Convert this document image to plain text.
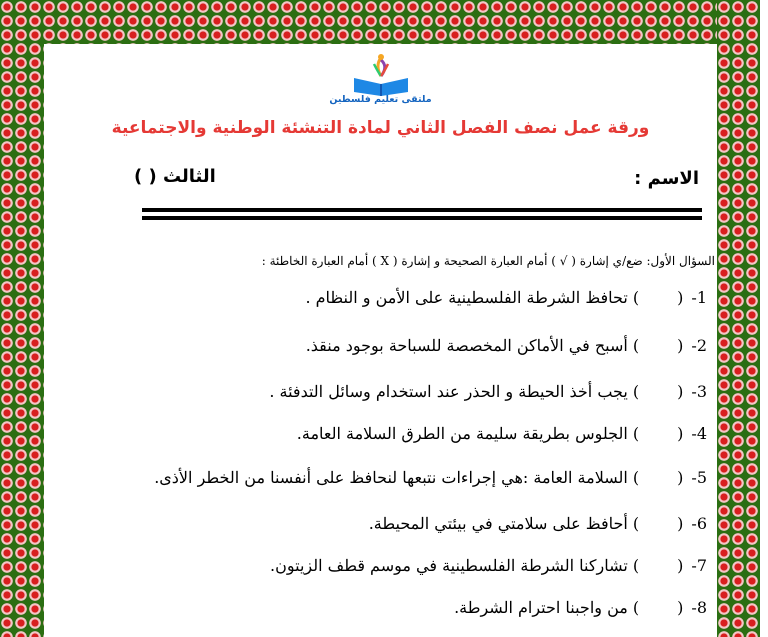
ملتقى تعليم فلسطين
ورقة عمل نصف الفصل الثاني لمادة التنشئة الوطنية والاجتماعية
الاسم :
الثالث ( )
السؤال الأول: ضع/ي إشارة ( √ ) أمام العبارة الصحيحة و إشارة ( X ) أمام العبارة الخاطئة :
1-() تحافظ الشرطة الفلسطينية على الأمن و النظام .
2-() أسبح في الأماكن المخصصة للسباحة بوجود منقذ.
3-() يجب أخذ الحيطة و الحذر عند استخدام وسائل التدفئة .
4-() الجلوس بطريقة سليمة من الطرق السلامة العامة.
5-() السلامة العامة :هي إجراءات نتبعها لنحافظ على أنفسنا من الخطر الأذى.
6-() أحافظ على سلامتي في بيئتي المحيطة.
7-() تشاركنا الشرطة الفلسطينية في موسم قطف الزيتون.
8-() من واجبنا احترام الشرطة.
